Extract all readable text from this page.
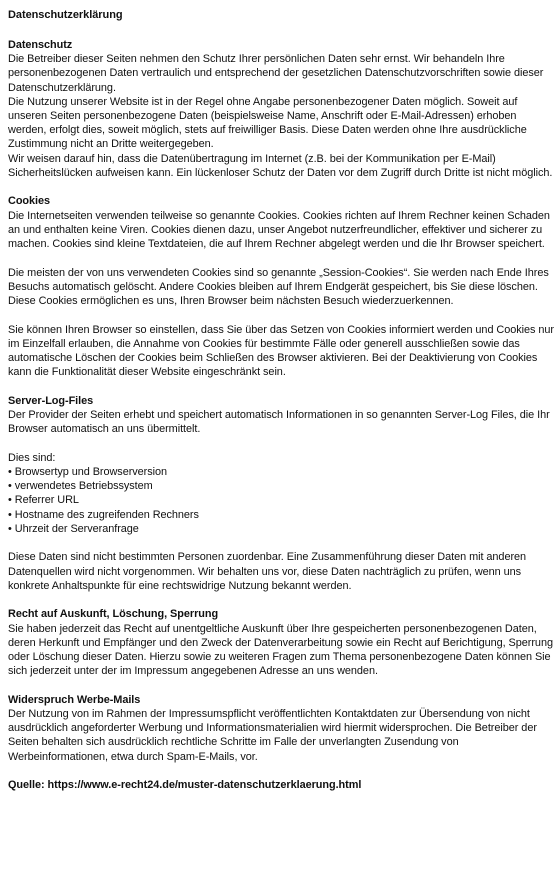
Datenschutzerklärung
Datenschutz

Die Betreiber dieser Seiten nehmen den Schutz Ihrer persönlichen Daten sehr ernst. Wir behandeln Ihre personenbezogenen Daten vertraulich und entsprechend der gesetzlichen Datenschutzvorschriften sowie dieser Datenschutzerklärung.

Die Nutzung unserer Website ist in der Regel ohne Angabe personenbezogener Daten möglich. Soweit auf unseren Seiten personenbezogene Daten (beispielsweise Name, Anschrift oder E-Mail-Adressen) erhoben werden, erfolgt dies, soweit möglich, stets auf freiwilliger Basis. Diese Daten werden ohne Ihre ausdrückliche Zustimmung nicht an Dritte weitergegeben.

Wir weisen darauf hin, dass die Datenübertragung im Internet (z.B. bei der Kommunikation per E-Mail) Sicherheitslücken aufweisen kann. Ein lückenloser Schutz der Daten vor dem Zugriff durch Dritte ist nicht möglich.

Cookies

Die Internetseiten verwenden teilweise so genannte Cookies. Cookies richten auf Ihrem Rechner keinen Schaden an und enthalten keine Viren. Cookies dienen dazu, unser Angebot nutzerfreundlicher, effektiver und sicherer zu machen. Cookies sind kleine Textdateien, die auf Ihrem Rechner abgelegt werden und die Ihr Browser speichert.

Die meisten der von uns verwendeten Cookies sind so genannte „Session-Cookies“. Sie werden nach Ende Ihres Besuchs automatisch gelöscht. Andere Cookies bleiben auf Ihrem Endgerät gespeichert, bis Sie diese löschen. Diese Cookies ermöglichen es uns, Ihren Browser beim nächsten Besuch wiederzuerkennen.

Sie können Ihren Browser so einstellen, dass Sie über das Setzen von Cookies informiert werden und Cookies nur im Einzelfall erlauben, die Annahme von Cookies für bestimmte Fälle oder generell ausschließen sowie das automatische Löschen der Cookies beim Schließen des Browser aktivieren. Bei der Deaktivierung von Cookies kann die Funktionalität dieser Website eingeschränkt sein.

Server-Log-Files

Der Provider der Seiten erhebt und speichert automatisch Informationen in so genannten Server-Log Files, die Ihr Browser automatisch an uns übermittelt.

Dies sind:

• Browsertyp und Browserversion
• verwendetes Betriebssystem
• Referrer URL
• Hostname des zugreifenden Rechners
• Uhrzeit der Serveranfrage

Diese Daten sind nicht bestimmten Personen zuordenbar. Eine Zusammenführung dieser Daten mit anderen Datenquellen wird nicht vorgenommen. Wir behalten uns vor, diese Daten nachträglich zu prüfen, wenn uns konkrete Anhaltspunkte für eine rechtswidrige Nutzung bekannt werden.

Recht auf Auskunft, Löschung, Sperrung

Sie haben jederzeit das Recht auf unentgeltliche Auskunft über Ihre gespeicherten personenbezogenen Daten, deren Herkunft und Empfänger und den Zweck der Datenverarbeitung sowie ein Recht auf Berichtigung, Sperrung oder Löschung dieser Daten. Hierzu sowie zu weiteren Fragen zum Thema personenbezogene Daten können Sie sich jederzeit unter der im Impressum angegebenen Adresse an uns wenden.

Widerspruch Werbe-Mails

Der Nutzung von im Rahmen der Impressumspflicht veröffentlichten Kontaktdaten zur Übersendung von nicht ausdrücklich angeforderter Werbung und Informationsmaterialien wird hiermit widersprochen. Die Betreiber der Seiten behalten sich ausdrücklich rechtliche Schritte im Falle der unverlangten Zusendung von Werbeinformationen, etwa durch Spam-E-Mails, vor.

Quelle: https://www.e-recht24.de/muster-datenschutzerklaerung.html
